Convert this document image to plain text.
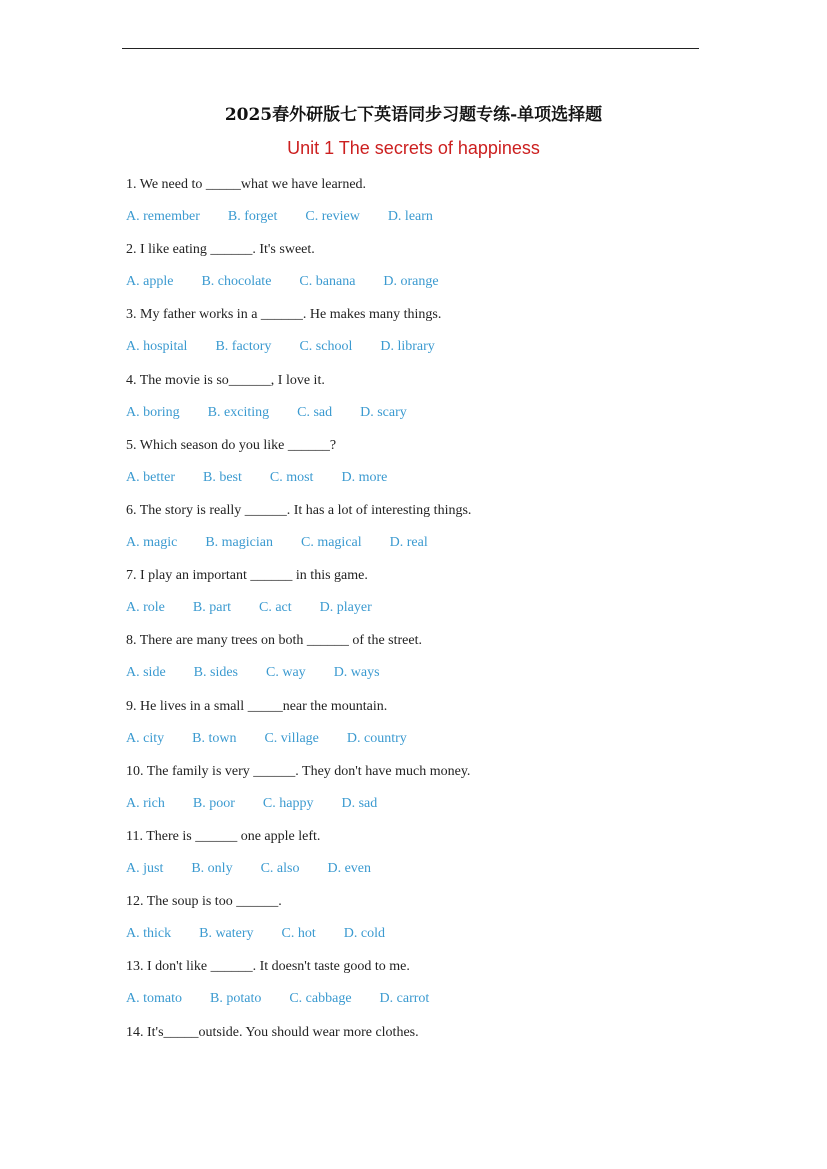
2025春外研版七下英语同步习题专练-单项选择题
Unit 1 The secrets of happiness
1. We need to _____what we have learned.
A. remember B. forget C. review D. learn
2. I like eating ______. It's sweet.
A. apple B. chocolate C. banana D. orange
3. My father works in a ______. He makes many things.
A. hospital B. factory C. school D. library
4. The movie is so______, I love it.
A. boring B. exciting C. sad D. scary
5. Which season do you like ______?
A. better B. best C. most D. more
6. The story is really ______. It has a lot of interesting things.
A. magic B. magician C. magical D. real
7. I play an important ______ in this game.
A. role B. part C. act D. player
8. There are many trees on both ______ of the street.
A. side B. sides C. way D. ways
9. He lives in a small _____near the mountain.
A. city B. town C. village D. country
10. The family is very ______. They don't have much money.
A. rich B. poor C. happy D. sad
11. There is ______ one apple left.
A. just B. only C. also D. even
12. The soup is too ______.
A. thick B. watery C. hot D. cold
13. I don't like ______. It doesn't taste good to me.
A. tomato B. potato C. cabbage D. carrot
14. It's_____outside. You should wear more clothes.
